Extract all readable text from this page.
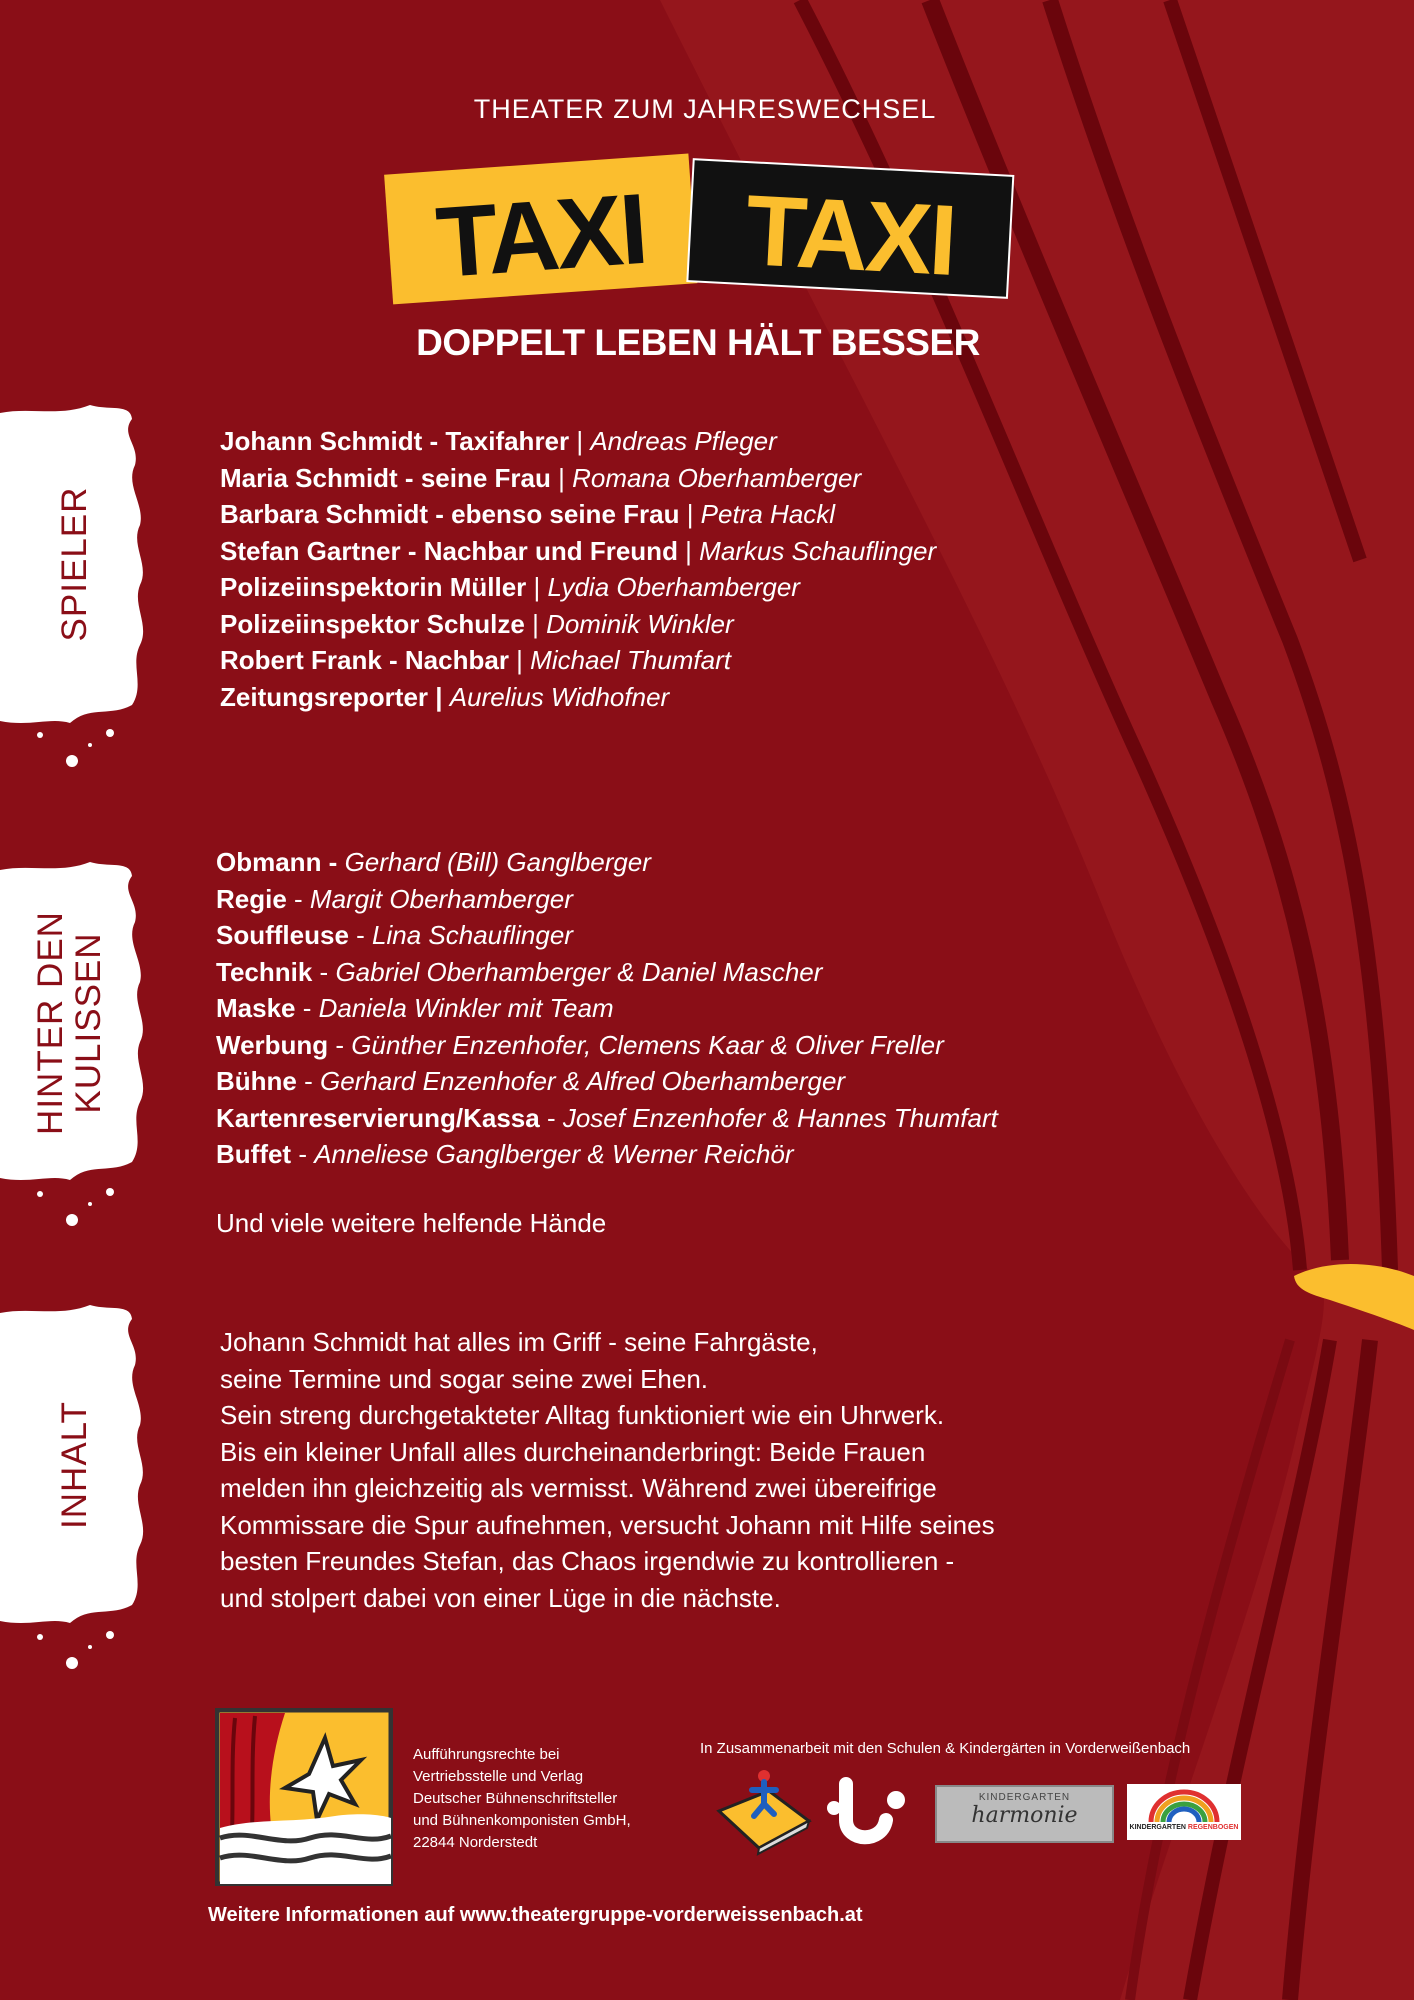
THEATER ZUM JAHRESWECHSEL
TAXI TAXI
DOPPELT LEBEN HÄLT BESSER
SPIELER
HINTER DEN KULISSEN
INHALT
Johann Schmidt - Taxifahrer | Andreas Pfleger
Maria Schmidt - seine Frau | Romana Oberhamberger
Barbara Schmidt - ebenso seine Frau | Petra Hackl
Stefan Gartner - Nachbar und Freund | Markus Schauflinger
Polizeiinspektorin Müller | Lydia Oberhamberger
Polizeiinspektor Schulze | Dominik Winkler
Robert Frank - Nachbar | Michael Thumfart
Zeitungsreporter | Aurelius Widhofner
Obmann - Gerhard (Bill) Ganglberger
Regie - Margit Oberhamberger
Souffleuse - Lina Schauflinger
Technik - Gabriel Oberhamberger & Daniel Mascher
Maske - Daniela Winkler mit Team
Werbung - Günther Enzenhofer, Clemens Kaar & Oliver Freller
Bühne - Gerhard Enzenhofer & Alfred Oberhamberger
Kartenreservierung/Kassa - Josef Enzenhofer & Hannes Thumfart
Buffet - Anneliese Ganglberger & Werner Reichör
Und viele weitere helfende Hände
Johann Schmidt hat alles im Griff - seine Fahrgäste,
seine Termine und sogar seine zwei Ehen.
Sein streng durchgetakteter Alltag funktioniert wie ein Uhrwerk.
Bis ein kleiner Unfall alles durcheinanderbringt: Beide Frauen
melden ihn gleichzeitig als vermisst. Während zwei übereifrige
Kommissare die Spur aufnehmen, versucht Johann mit Hilfe seines
besten Freundes Stefan, das Chaos irgendwie zu kontrollieren -
und stolpert dabei von einer Lüge in die nächste.
Aufführungsrechte bei
Vertriebsstelle und Verlag
Deutscher Bühnenschriftsteller
und Bühnenkomponisten GmbH,
22844 Norderstedt
In Zusammenarbeit mit den Schulen & Kindergärten in Vorderweißenbach
KINDERGARTEN
harmonie	KINDERGARTEN REGENBOGEN
Weitere Informationen auf www.theatergruppe-vorderweissenbach.at
